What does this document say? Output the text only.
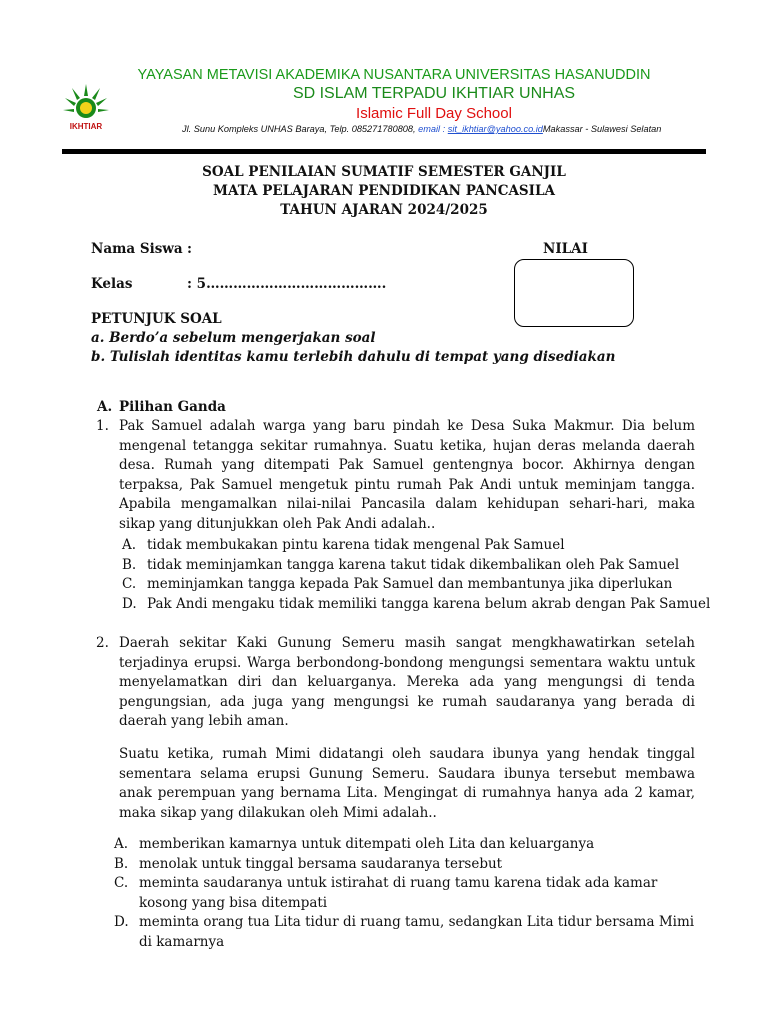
IKHTIAR
YAYASAN METAVISI AKADEMIKA NUSANTARA UNIVERSITAS HASANUDDIN
SD ISLAM TERPADU IKHTIAR UNHAS
Islamic Full Day School
Jl. Sunu Kompleks UNHAS Baraya, Telp. 085271780808, email : sit_ikhtiar@yahoo.co.idMakassar - Sulawesi Selatan
SOAL PENILAIAN SUMATIF SEMESTER GANJIL
MATA PELAJARAN PENDIDIKAN PANCASILA
TAHUN AJARAN 2024/2025
Nama Siswa :	NILAI
Kelas	: 5………………………………….
PETUNJUK SOAL
a. Berdo’a sebelum mengerjakan soal
b. Tulislah identitas kamu terlebih dahulu di tempat yang disediakan
A. Pilihan Ganda
1. Pak Samuel adalah warga yang baru pindah ke Desa Suka Makmur. Dia belum mengenal tetangga sekitar rumahnya. Suatu ketika, hujan deras melanda daerah desa. Rumah yang ditempati Pak Samuel gentengnya bocor. Akhirnya dengan terpaksa, Pak Samuel mengetuk pintu rumah Pak Andi untuk meminjam tangga. Apabila mengamalkan nilai-nilai Pancasila dalam kehidupan sehari-hari, maka sikap yang ditunjukkan oleh Pak Andi adalah..
A. tidak membukakan pintu karena tidak mengenal Pak Samuel
B. tidak meminjamkan tangga karena takut tidak dikembalikan oleh Pak Samuel
C. meminjamkan tangga kepada Pak Samuel dan membantunya jika diperlukan
D. Pak Andi mengaku tidak memiliki tangga karena belum akrab dengan Pak Samuel
2. Daerah sekitar Kaki Gunung Semeru masih sangat mengkhawatirkan setelah terjadinya erupsi. Warga berbondong-bondong mengungsi sementara waktu untuk menyelamatkan diri dan keluarganya. Mereka ada yang mengungsi di tenda pengungsian, ada juga yang mengungsi ke rumah saudaranya yang berada di daerah yang lebih aman.
Suatu ketika, rumah Mimi didatangi oleh saudara ibunya yang hendak tinggal sementara selama erupsi Gunung Semeru. Saudara ibunya tersebut membawa anak perempuan yang bernama Lita. Mengingat di rumahnya hanya ada 2 kamar, maka sikap yang dilakukan oleh Mimi adalah..
A. memberikan kamarnya untuk ditempati oleh Lita dan keluarganya
B. menolak untuk tinggal bersama saudaranya tersebut
C. meminta saudaranya untuk istirahat di ruang tamu karena tidak ada kamar kosong yang bisa ditempati
D. meminta orang tua Lita tidur di ruang tamu, sedangkan Lita tidur bersama Mimi di kamarnya
